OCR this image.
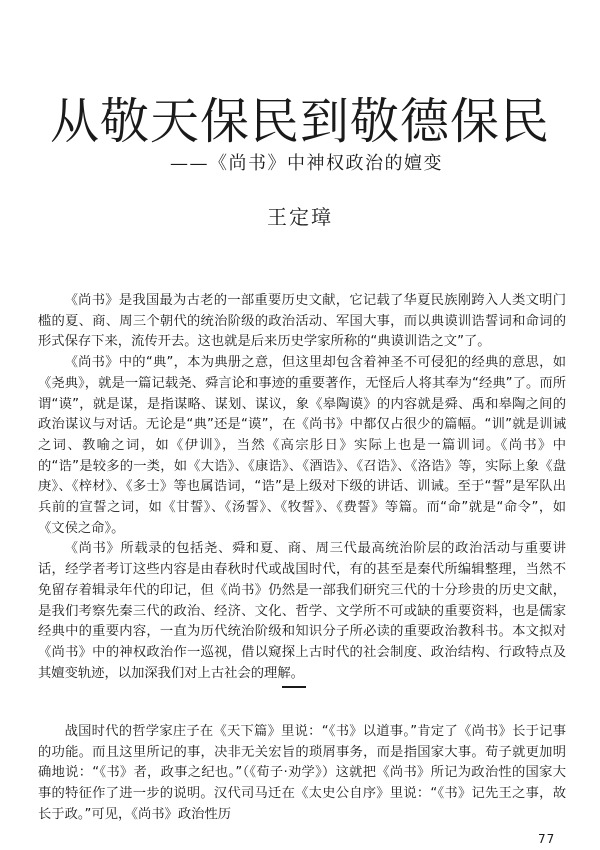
从敬天保民到敬德保民
——《尚书》中神权政治的嬗变
王定璋

《尚书》是我国最为古老的一部重要历史文献，它记载了华夏民族刚跨入人类文明门槛的夏、商、周三个朝代的统治阶级的政治活动、军国大事，而以典谟训诰誓词和命词的形式保存下来，流传开去。这也就是后来历史学家所称的“典谟训诰之文”了。

《尚书》中的“典”，本为典册之意，但这里却包含着神圣不可侵犯的经典的意思，如《尧典》，就是一篇记载尧、舜言论和事迹的重要著作，无怪后人将其奉为“经典”了。而所谓“谟”，就是谋，是指谋略、谋划、谋议，象《皋陶谟》的内容就是舜、禹和皋陶之间的政治谋议与对话。无论是“典”还是“谟”，在《尚书》中都仅占很少的篇幅。“训”就是训诫之词、教喻之词，如《伊训》，当然《高宗肜日》实际上也是一篇训词。《尚书》中的“诰”是较多的一类，如《大诰》、《康诰》、《酒诰》、《召诰》、《洛诰》等，实际上象《盘庚》、《梓材》、《多士》等也属诰词，“诰”是上级对下级的讲话、训诫。至于“誓”是军队出兵前的宣誓之词，如《甘誓》、《汤誓》、《牧誓》、《费誓》等篇。而“命”就是“命令”，如《文侯之命》。

《尚书》所载录的包括尧、舜和夏、商、周三代最高统治阶层的政治活动与重要讲话，经学者考订这些内容是由春秋时代或战国时代，有的甚至是秦代所编辑整理，当然不免留存着辑录年代的印记，但《尚书》仍然是一部我们研究三代的十分珍贵的历史文献，是我们考察先秦三代的政治、经济、文化、哲学、文学所不可或缺的重要资料，也是儒家经典中的重要内容，一直为历代统治阶级和知识分子所必读的重要政治教科书。本文拟对《尚书》中的神权政治作一巡视，借以窥探上古时代的社会制度、政治结构、行政特点及其嬗变轨迹，以加深我们对上古社会的理解。

战国时代的哲学家庄子在《天下篇》里说：“《书》以道事。”肯定了《尚书》长于记事的功能。而且这里所记的事，决非无关宏旨的琐屑事务，而是指国家大事。荀子就更加明确地说：“《书》者，政事之纪也。”（《荀子·劝学》）这就把《尚书》所记为政治性的国家大事的特征作了进一步的说明。汉代司马迁在《太史公自序》里说：“《书》记先王之事，故长于政。”可见，《尚书》政治性历

77
